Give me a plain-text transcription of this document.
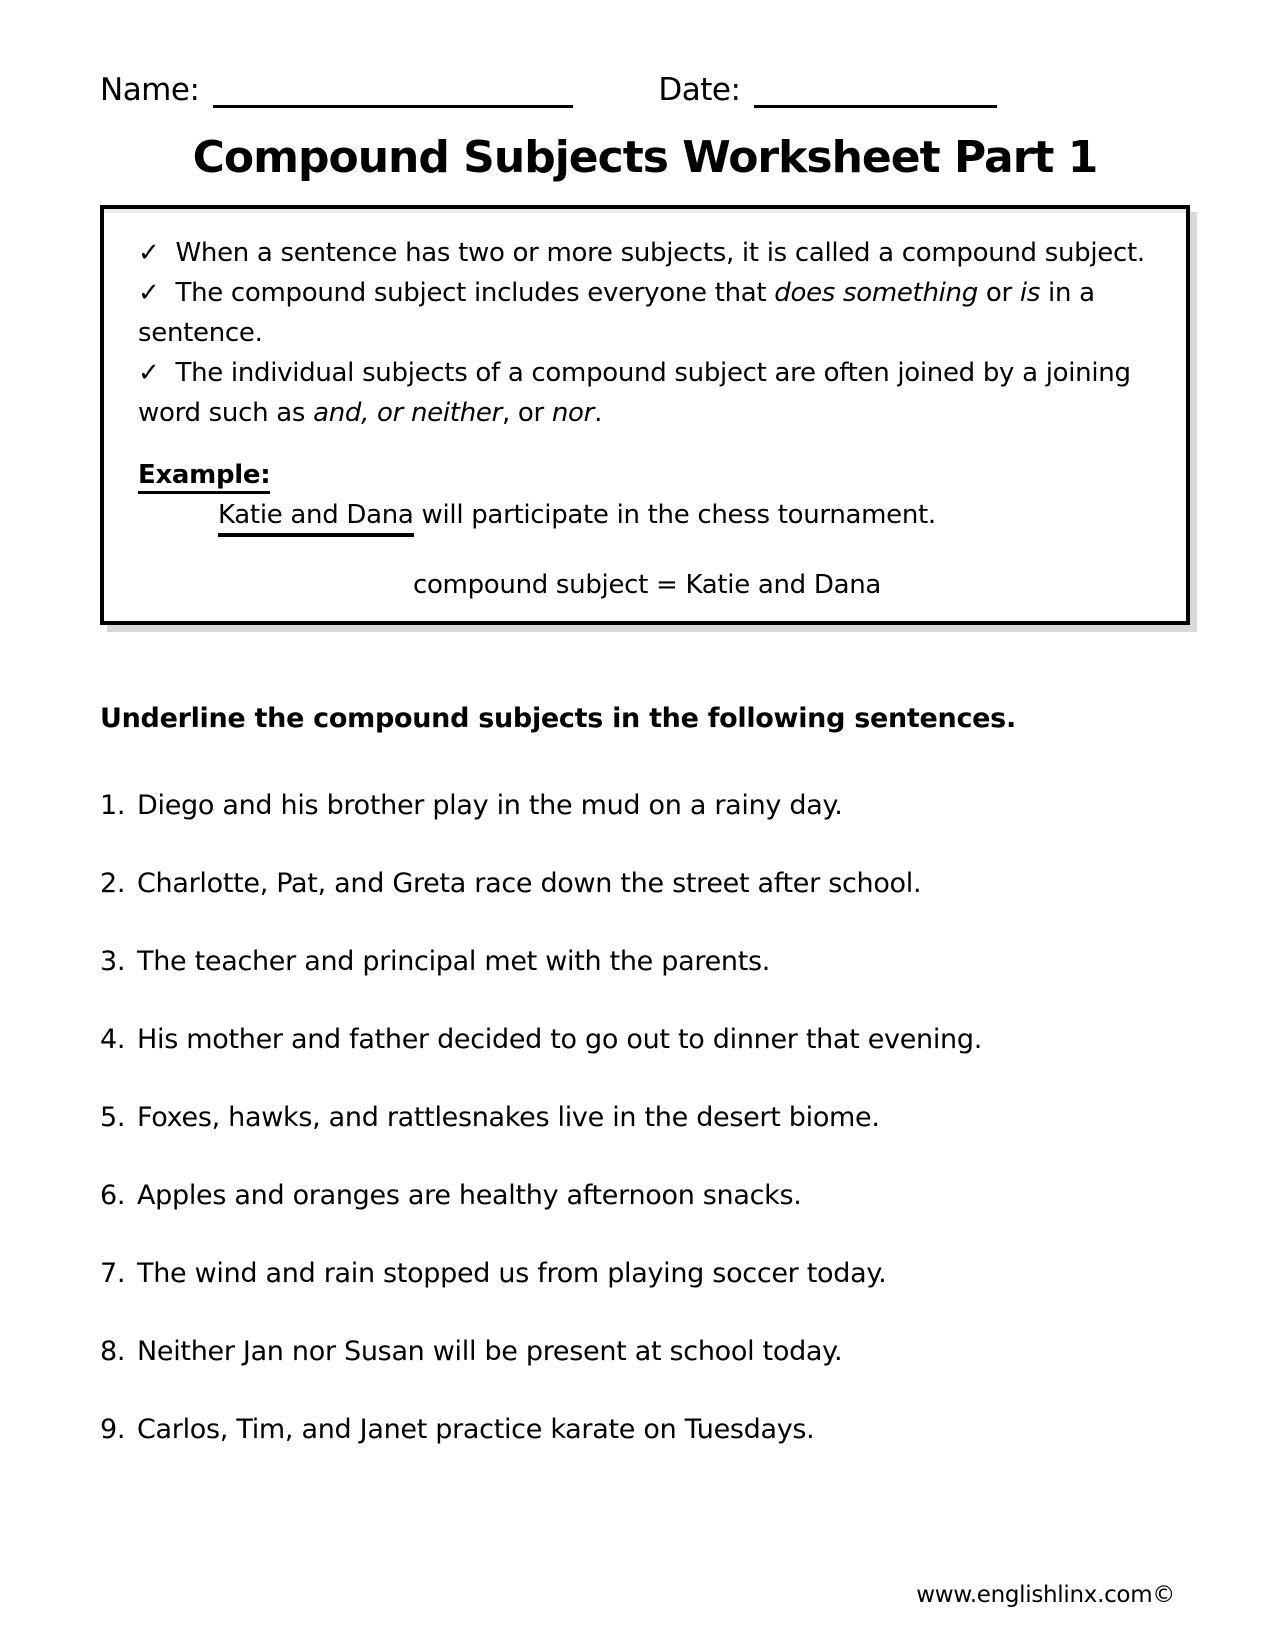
Name:	Date:
Compound Subjects Worksheet Part 1

✓ When a sentence has two or more subjects, it is called a compound subject.

✓ The compound subject includes everyone that does something or is in a sentence.

✓ The individual subjects of a compound subject are often joined by a joining word such as and, or neither, or nor.

Example:

Katie and Dana will participate in the chess tournament.

compound subject = Katie and Dana

Underline the compound subjects in the following sentences.

1. Diego and his brother play in the mud on a rainy day.
2. Charlotte, Pat, and Greta race down the street after school.
3. The teacher and principal met with the parents.
4. His mother and father decided to go out to dinner that evening.
5. Foxes, hawks, and rattlesnakes live in the desert biome.
6. Apples and oranges are healthy afternoon snacks.
7. The wind and rain stopped us from playing soccer today.
8. Neither Jan nor Susan will be present at school today.
9. Carlos, Tim, and Janet practice karate on Tuesdays.
www.englishlinx.com©
